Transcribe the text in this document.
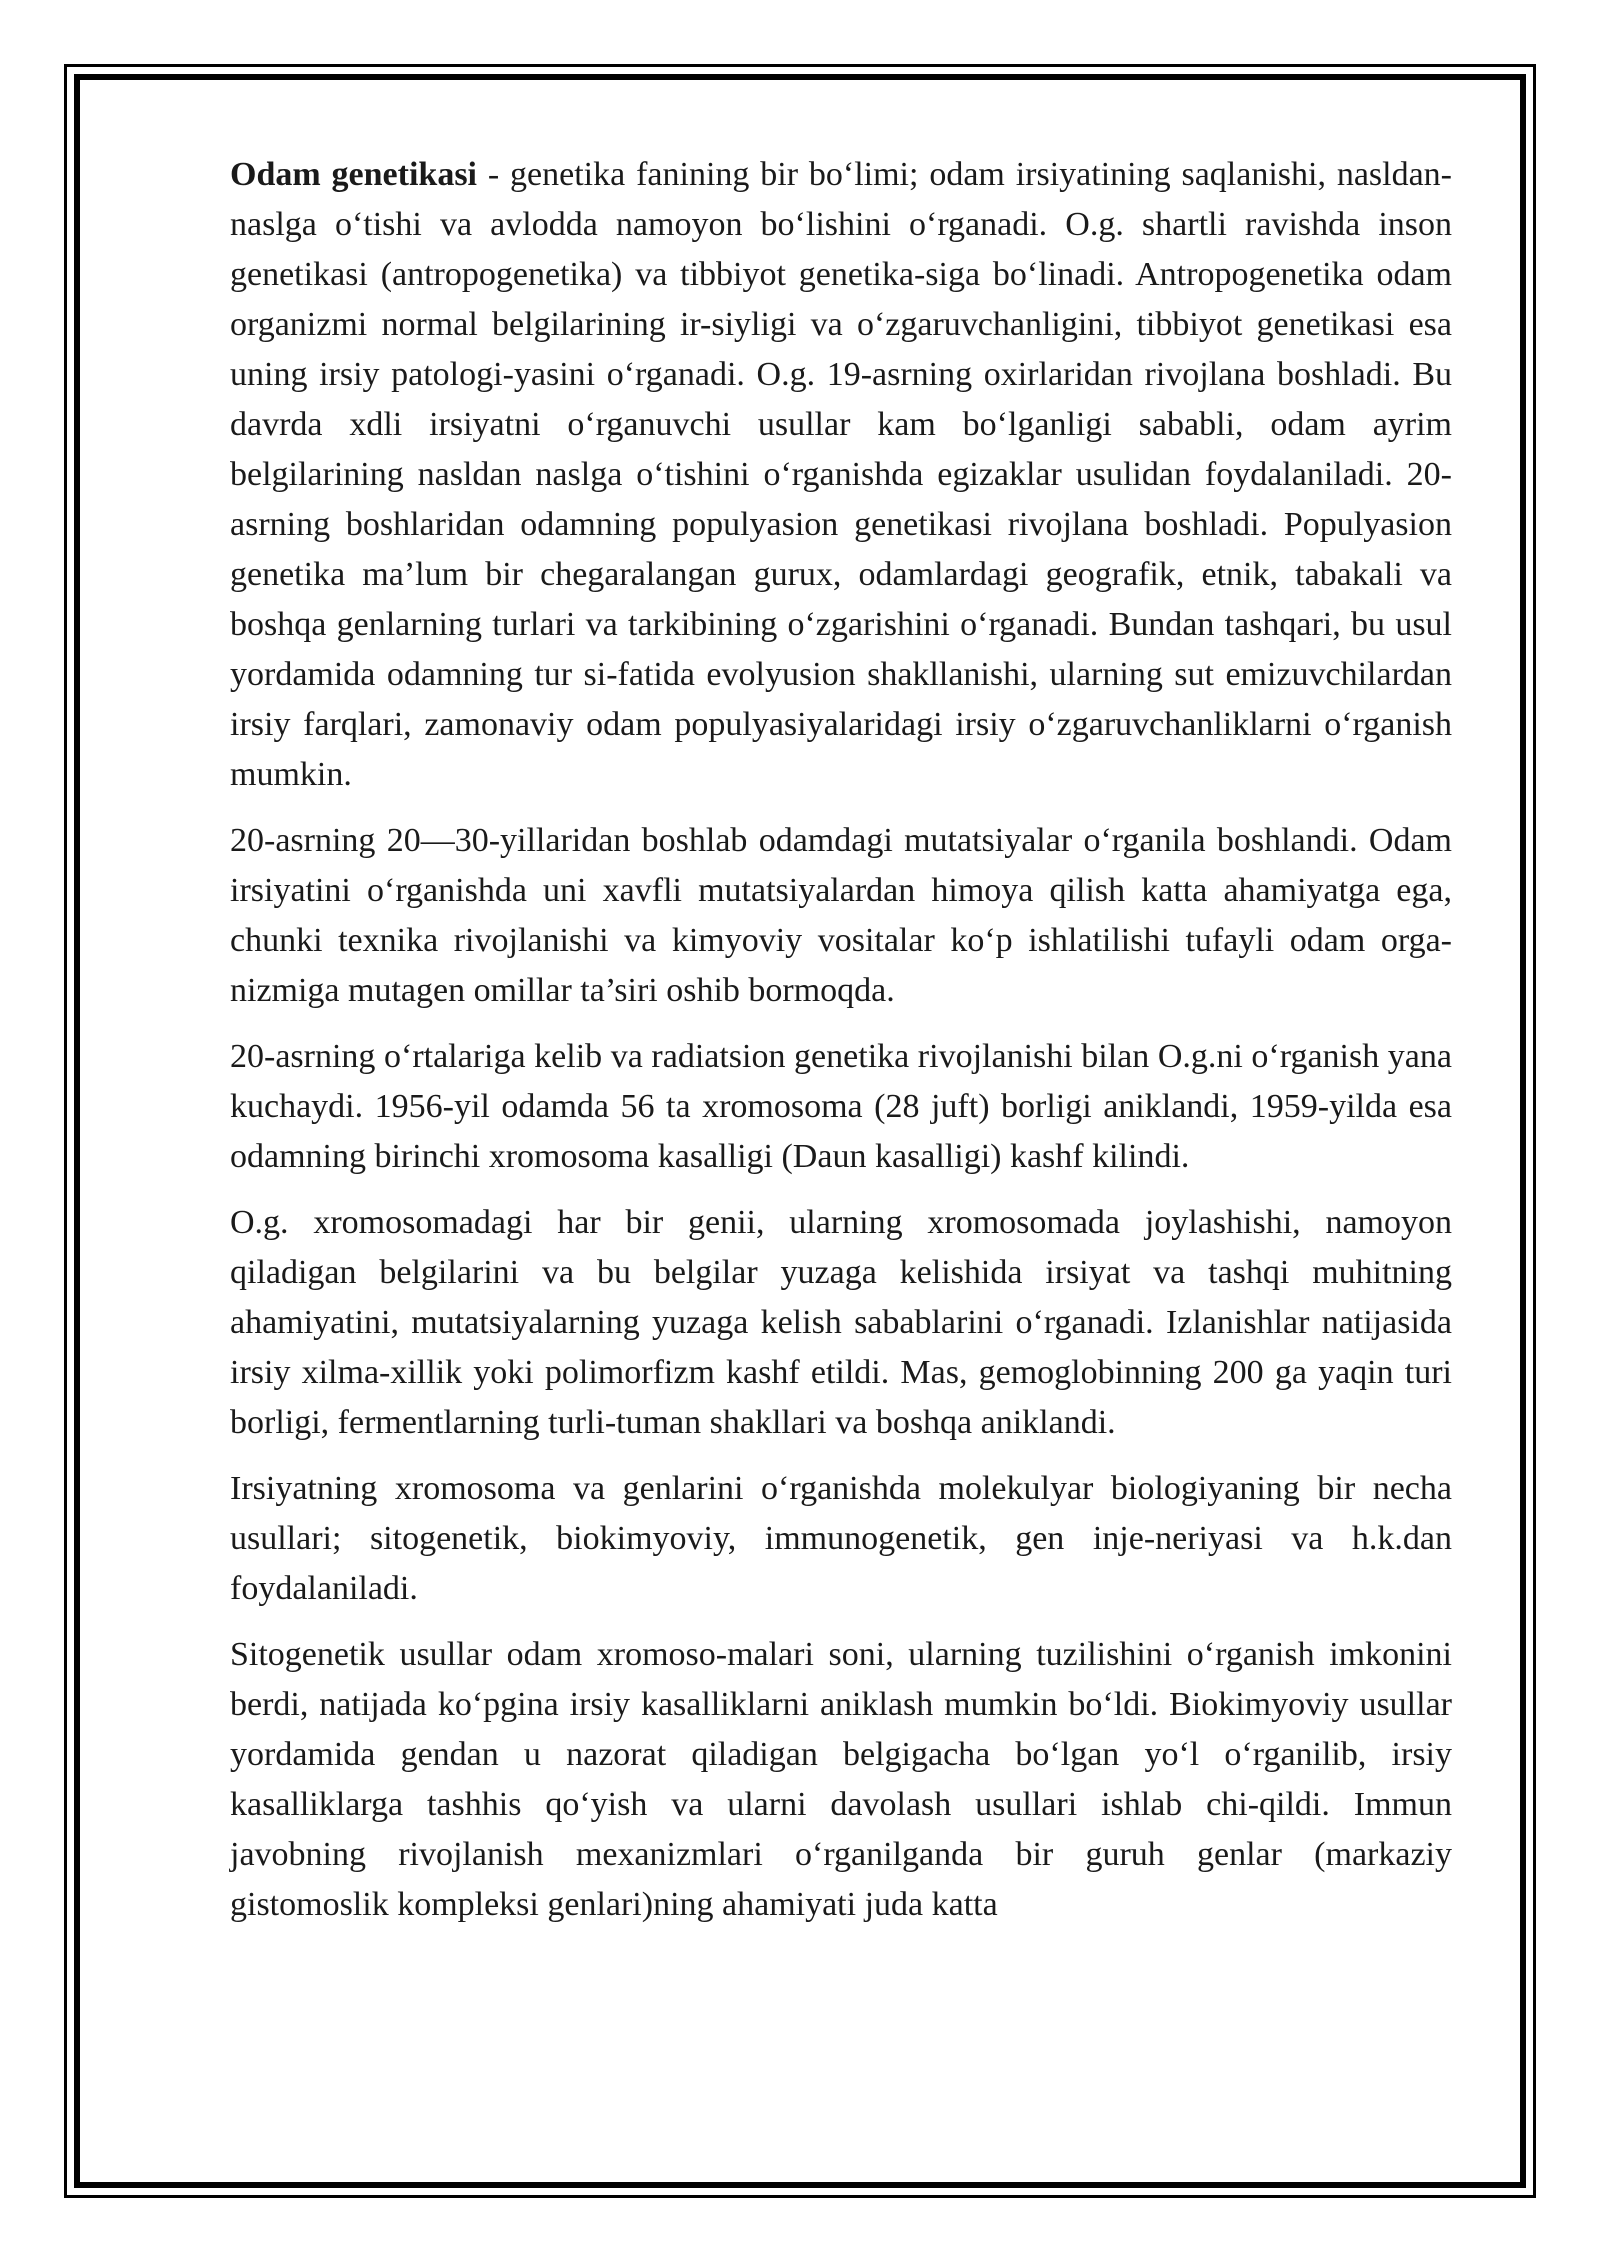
Odam genetikasi - genetika fanining bir bo‘limi; odam irsiyatining saqlanishi, nasldan-naslga o‘tishi va avlodda namoyon bo‘lishini o‘rganadi. O.g. shartli ravishda inson genetikasi (antropogenetika) va tibbiyot genetika-siga bo‘linadi. Antropogenetika odam organizmi normal belgilarining ir-siyligi va o‘zgaruvchanligini, tibbiyot genetikasi esa uning irsiy patologi-yasini o‘rganadi. O.g. 19-asrning oxirlaridan rivojlana boshladi. Bu davrda xdli irsiyatni o‘rganuvchi usullar kam bo‘lganligi sababli, odam ayrim belgilarining nasldan naslga o‘tishini o‘rganishda egizaklar usulidan foydalaniladi. 20-asrning boshlaridan odamning populyasion genetikasi rivojlana boshladi. Populyasion genetika ma’lum bir chegaralangan gurux, odamlardagi geografik, etnik, tabakali va boshqa genlarning turlari va tarkibining o‘zgarishini o‘rganadi. Bundan tashqari, bu usul yordamida odamning tur si-fatida evolyusion shakllanishi, ularning sut emizuvchilardan irsiy farqlari, zamonaviy odam populyasiyalaridagi irsiy o‘zgaruvchanliklarni o‘rganish mumkin.

20-asrning 20—30-yillaridan boshlab odamdagi mutatsiyalar o‘rganila boshlandi. Odam irsiyatini o‘rganishda uni xavfli mutatsiyalardan himoya qilish katta ahamiyatga ega, chunki texnika rivojlanishi va kimyoviy vositalar ko‘p ishlatilishi tufayli odam orga-nizmiga mutagen omillar ta’siri oshib bormoqda.

20-asrning o‘rtalariga kelib va radiatsion genetika rivojlanishi bilan O.g.ni o‘rganish yana kuchaydi. 1956-yil odamda 56 ta xromosoma (28 juft) borligi aniklandi, 1959-yilda esa odamning birinchi xromosoma kasalligi (Daun kasalligi) kashf kilindi.

O.g. xromosomadagi har bir genii, ularning xromosomada joylashishi, namoyon qiladigan belgilarini va bu belgilar yuzaga kelishida irsiyat va tashqi muhitning ahamiyatini, mutatsiyalarning yuzaga kelish sabablarini o‘rganadi. Izlanishlar natijasida irsiy xilma-xillik yoki polimorfizm kashf etildi. Mas, gemoglobinning 200 ga yaqin turi borligi, fermentlarning turli-tuman shakllari va boshqa aniklandi.

Irsiyatning xromosoma va genlarini o‘rganishda molekulyar biologiyaning bir necha usullari; sitogenetik, biokimyoviy, immunogenetik, gen inje-neriyasi va h.k.dan foydalaniladi.

Sitogenetik usullar odam xromoso-malari soni, ularning tuzilishini o‘rganish imkonini berdi, natijada ko‘pgina irsiy kasalliklarni aniklash mumkin bo‘ldi. Biokimyoviy usullar yordamida gendan u nazorat qiladigan belgigacha bo‘lgan yo‘l o‘rganilib, irsiy kasalliklarga tashhis qo‘yish va ularni davolash usullari ishlab chi-qildi. Immun javobning rivojlanish mexanizmlari o‘rganilganda bir guruh genlar (markaziy gistomoslik kompleksi genlari)ning ahamiyati juda katta
